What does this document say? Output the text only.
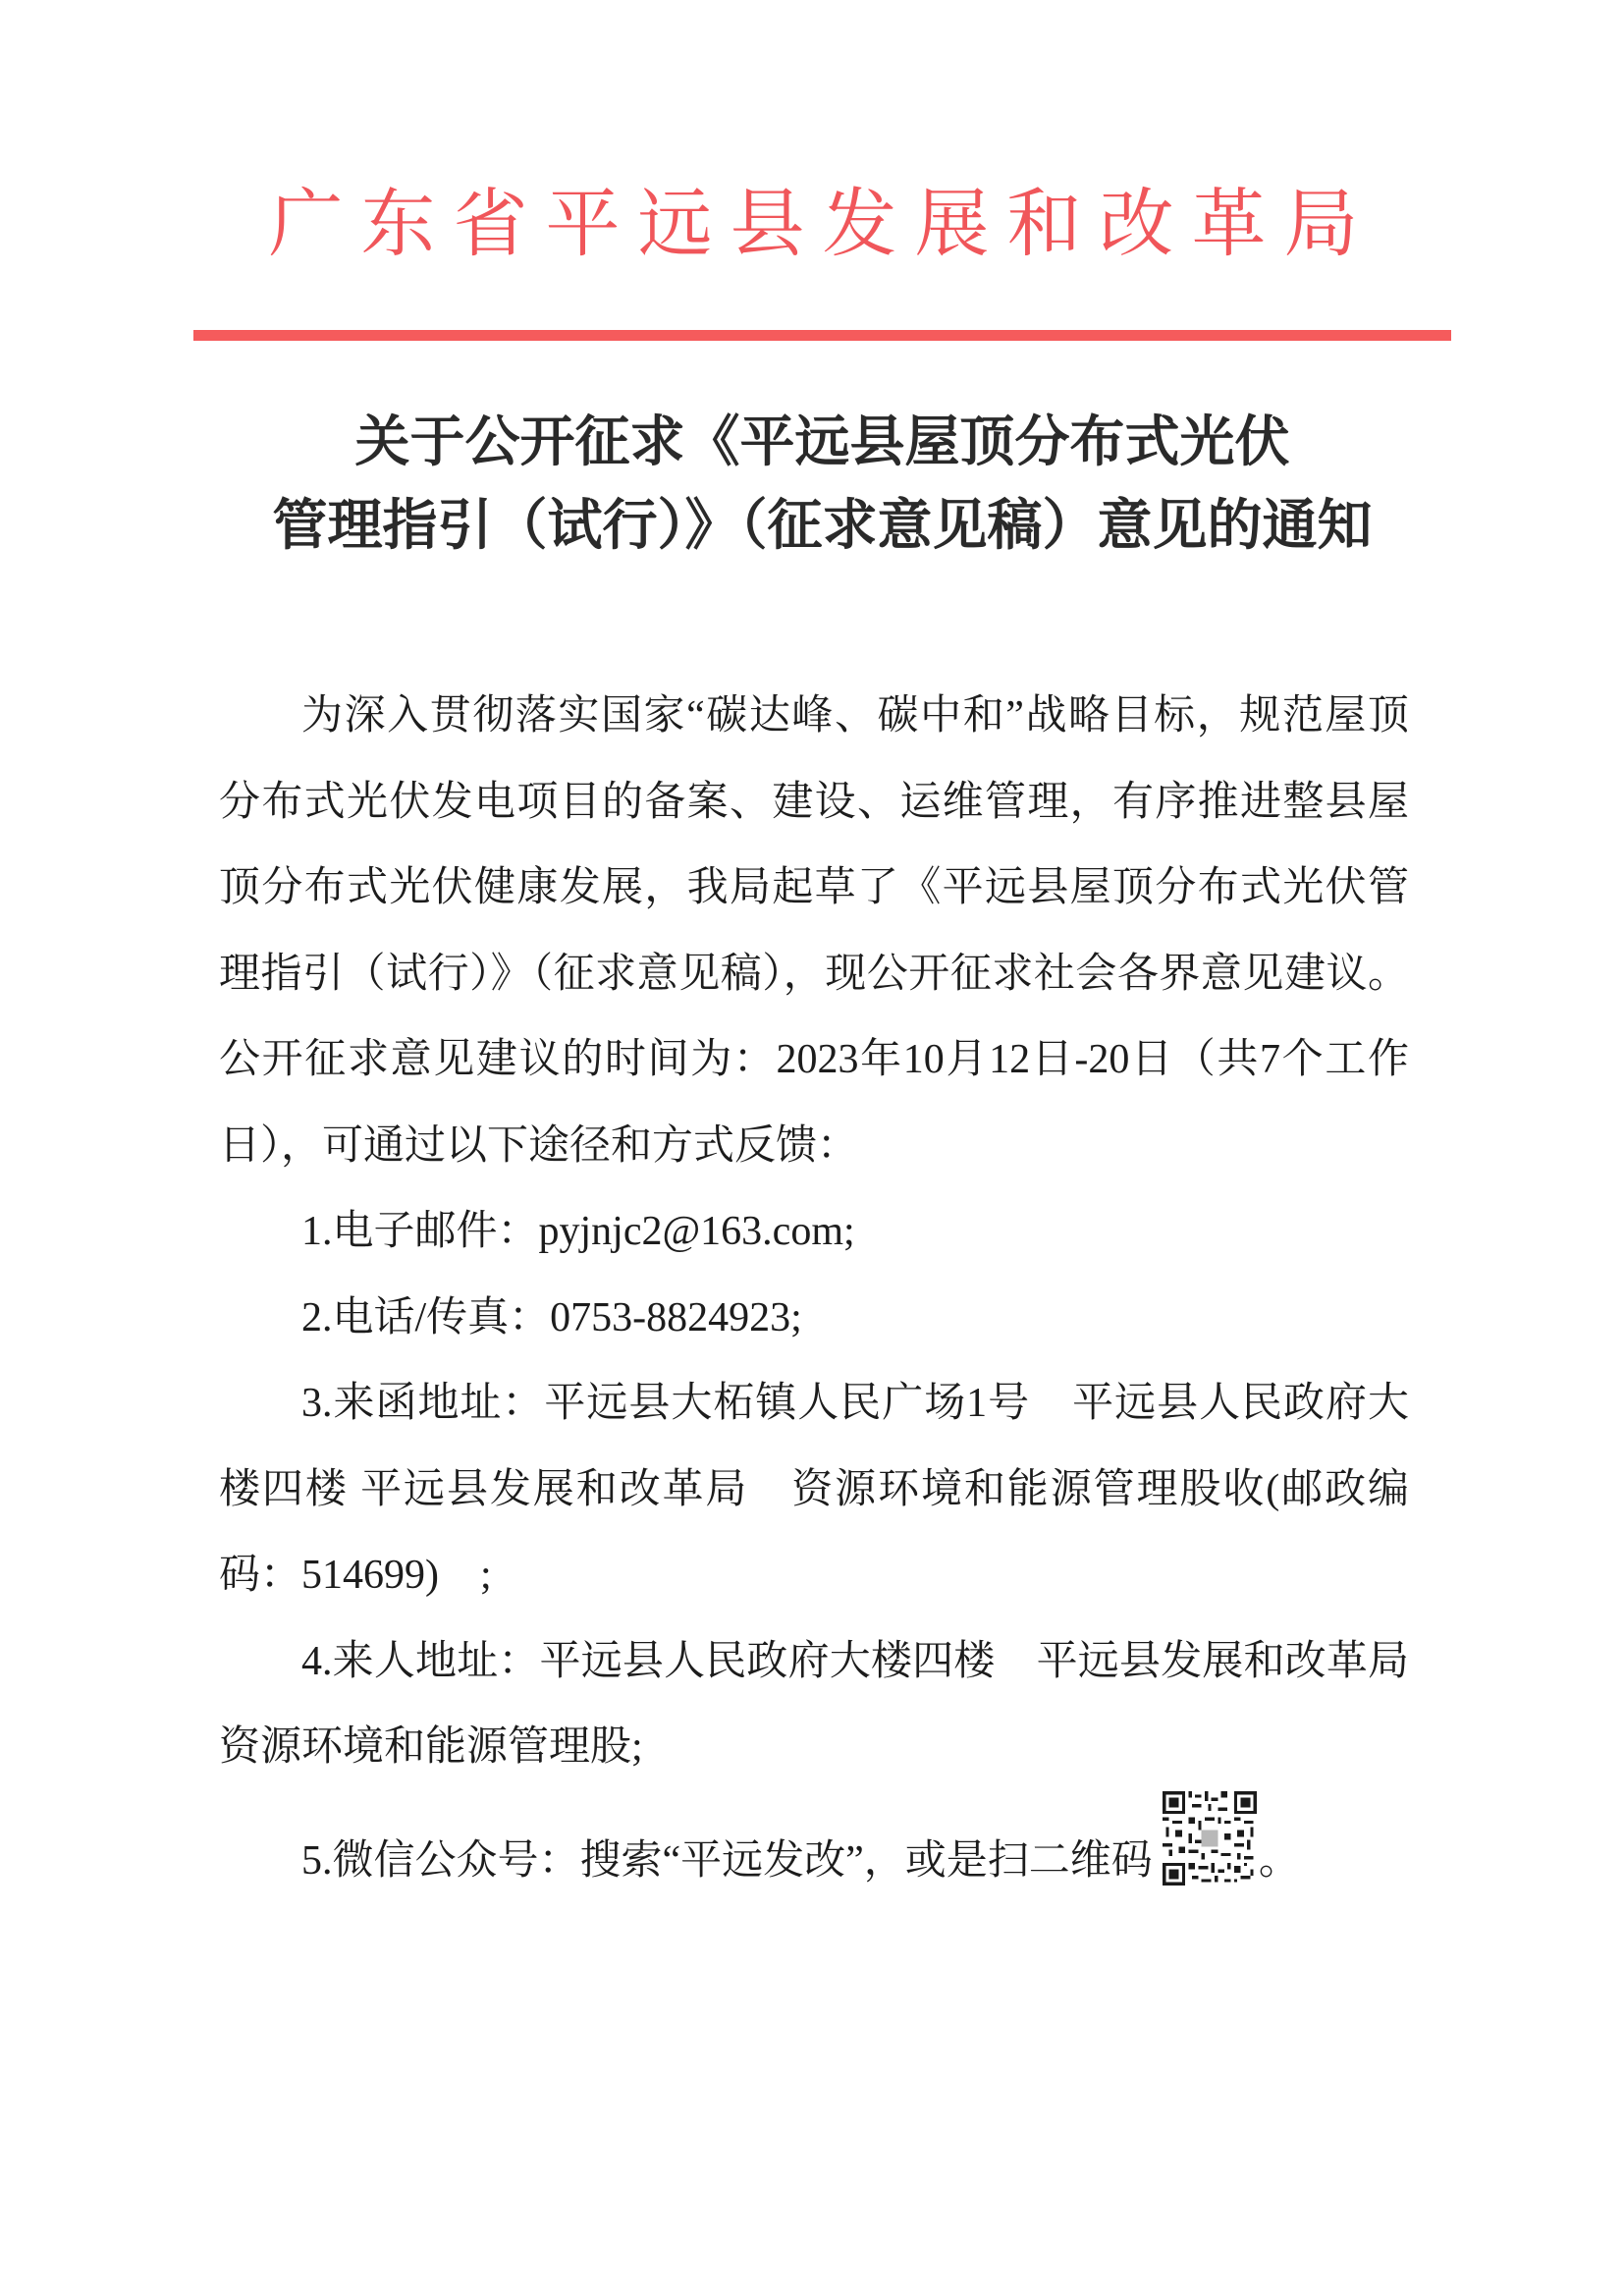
广东省平远县发展和改革局
关于公开征求《平远县屋顶分布式光伏
管理指引（试行）》（征求意见稿）意见的通知

为深入贯彻落实国家“碳达峰、碳中和”战略目标，规范屋顶分布式光伏发电项目的备案、建设、运维管理，有序推进整县屋顶分布式光伏健康发展，我局起草了《平远县屋顶分布式光伏管理指引（试行）》（征求意见稿），现公开征求社会各界意见建议。公开征求意见建议的时间为：2023年10月12日-20日（共7个工作日），可通过以下途径和方式反馈：

1.电子邮件：pyjnjc2@163.com;

2.电话/传真：0753-8824923;

3.来函地址：平远县大柘镇人民广场1号　平远县人民政府大楼四楼 平远县发展和改革局　资源环境和能源管理股收(邮政编码：514699)　;

4.来人地址：平远县人民政府大楼四楼　平远县发展和改革局　资源环境和能源管理股;

5.微信公众号：搜索“平远发改”，或是扫二维码	。
